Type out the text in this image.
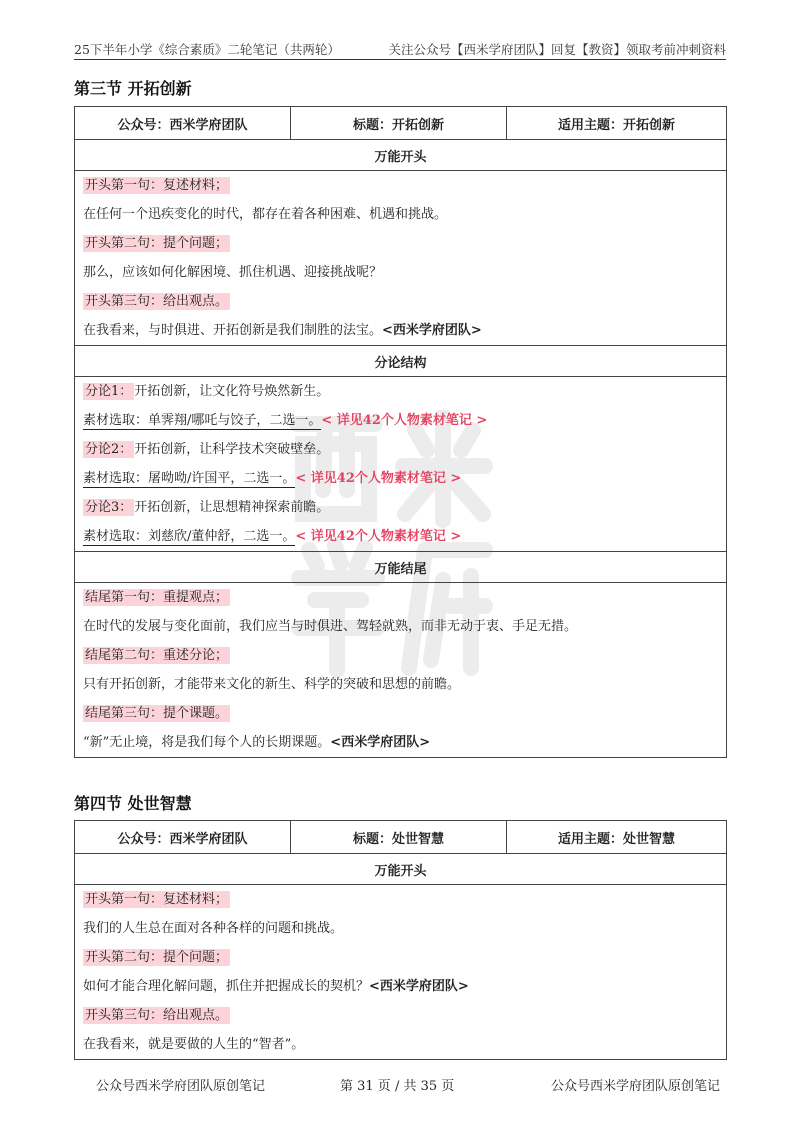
25下半年小学《综合素质》二轮笔记（共两轮）	关注公众号【西米学府团队】回复【教资】领取考前冲刺资料
第三节 开拓创新
公众号：西米学府团队	标题：开拓创新	适用主题：开拓创新
万能开头

开头第一句：复述材料；
在任何一个迅疾变化的时代，都存在着各种困难、机遇和挑战。
开头第二句：提个问题；
那么，应该如何化解困境、抓住机遇、迎接挑战呢？
开头第三句：给出观点。
在我看来，与时俱进、开拓创新是我们制胜的法宝。<西米学府团队>

分论结构

分论1： 开拓创新，让文化符号焕然新生。
素材选取：单霁翔/哪吒与饺子，二选一。< 详见42个人物素材笔记 >
分论2： 开拓创新，让科学技术突破壁垒。
素材选取：屠呦呦/许国平，二选一。< 详见42个人物素材笔记 >
分论3： 开拓创新，让思想精神探索前瞻。
素材选取：刘慈欣/董仲舒，二选一。< 详见42个人物素材笔记 >

万能结尾

结尾第一句：重提观点；
在时代的发展与变化面前，我们应当与时俱进、驾轻就熟，而非无动于衷、手足无措。
结尾第二句：重述分论；
只有开拓创新，才能带来文化的新生、科学的突破和思想的前瞻。
结尾第三句：提个课题。
“新”无止境，将是我们每个人的长期课题。<西米学府团队>
第四节 处世智慧
公众号：西米学府团队	标题：处世智慧	适用主题：处世智慧
万能开头

开头第一句：复述材料；
我们的人生总在面对各种各样的问题和挑战。
开头第二句：提个问题；
如何才能合理化解问题，抓住并把握成长的契机？<西米学府团队>
开头第三句：给出观点。
在我看来，就是要做的人生的“智者”。
公众号西米学府团队原创笔记	第 31 页 / 共 35 页	公众号西米学府团队原创笔记
